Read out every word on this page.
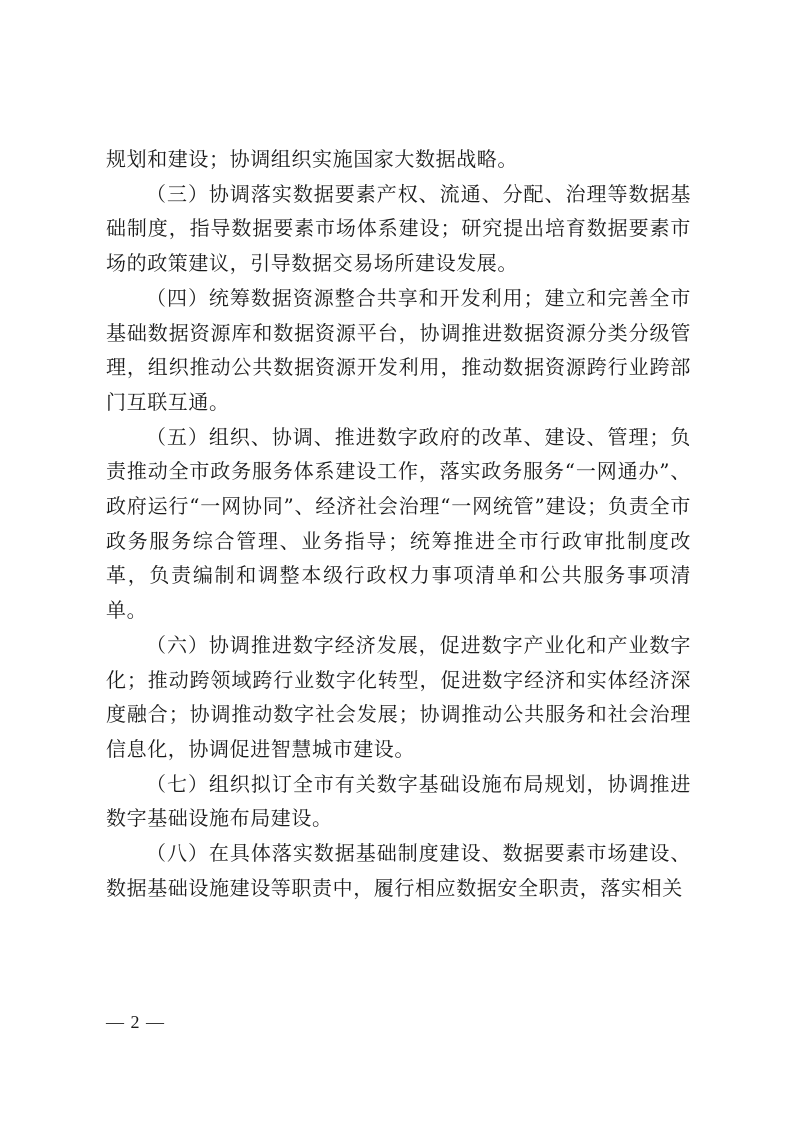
规划和建设；协调组织实施国家大数据战略。

（三）协调落实数据要素产权、流通、分配、治理等数据基础制度，指导数据要素市场体系建设；研究提出培育数据要素市场的政策建议，引导数据交易场所建设发展。

（四）统筹数据资源整合共享和开发利用；建立和完善全市基础数据资源库和数据资源平台，协调推进数据资源分类分级管理，组织推动公共数据资源开发利用，推动数据资源跨行业跨部门互联互通。

（五）组织、协调、推进数字政府的改革、建设、管理；负责推动全市政务服务体系建设工作，落实政务服务“一网通办”、政府运行“一网协同”、经济社会治理“一网统管”建设；负责全市政务服务综合管理、业务指导；统筹推进全市行政审批制度改革，负责编制和调整本级行政权力事项清单和公共服务事项清单。

（六）协调推进数字经济发展，促进数字产业化和产业数字化；推动跨领域跨行业数字化转型，促进数字经济和实体经济深度融合；协调推动数字社会发展；协调推动公共服务和社会治理信息化，协调促进智慧城市建设。

（七）组织拟订全市有关数字基础设施布局规划，协调推进数字基础设施布局建设。

（八）在具体落实数据基础制度建设、数据要素市场建设、数据基础设施建设等职责中，履行相应数据安全职责，落实相关

— 2 —
